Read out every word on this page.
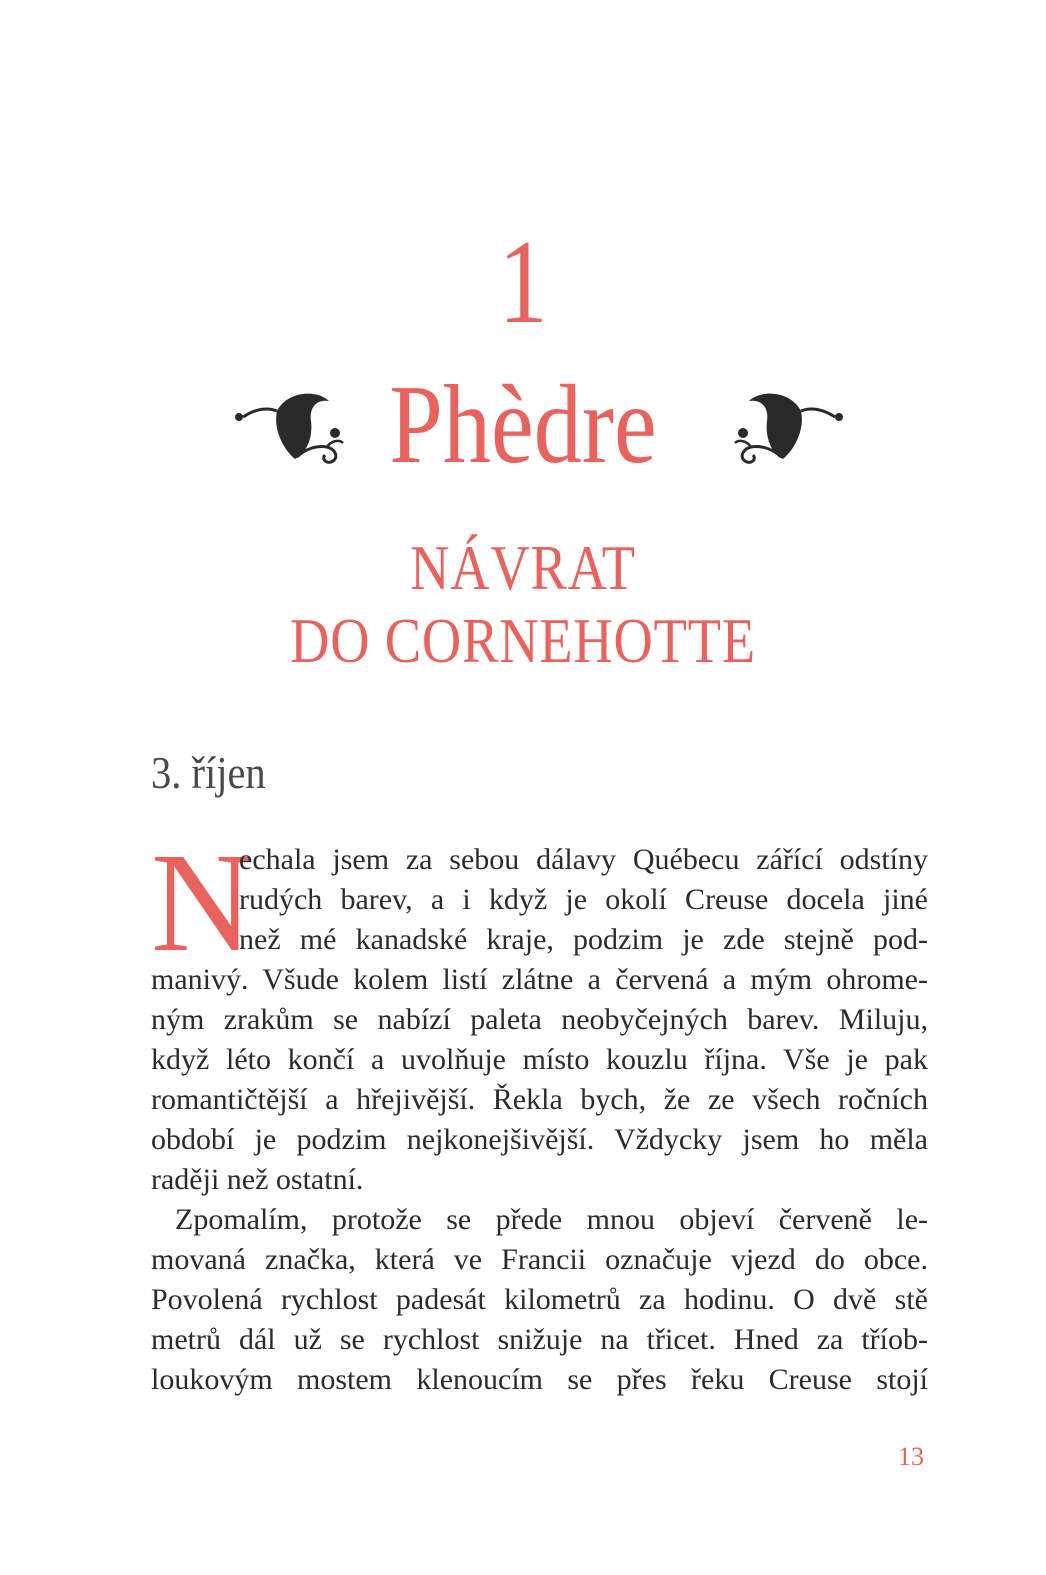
1
Phèdre
NÁVRAT
DO CORNEHOTTE
3. říjen
N
echala jsem za sebou dálavy Québecu zářící odstíny
rudých barev, a i když je okolí Creuse docela jiné
než mé kanadské kraje, podzim je zde stejně pod-
manivý. Všude kolem listí zlátne a červená a mým ohrome-
ným zrakům se nabízí paleta neobyčejných barev. Miluju,
když léto končí a uvolňuje místo kouzlu října. Vše je pak
romantičtější a hřejivější. Řekla bych, že ze všech ročních
období je podzim nejkonejšivější. Vždycky jsem ho měla
raději než ostatní.
Zpomalím, protože se přede mnou objeví červeně le-
movaná značka, která ve Francii označuje vjezd do obce.
Povolená rychlost padesát kilometrů za hodinu. O dvě stě
metrů dál už se rychlost snižuje na třicet. Hned za tříob-
loukovým mostem klenoucím se přes řeku Creuse stojí
13
